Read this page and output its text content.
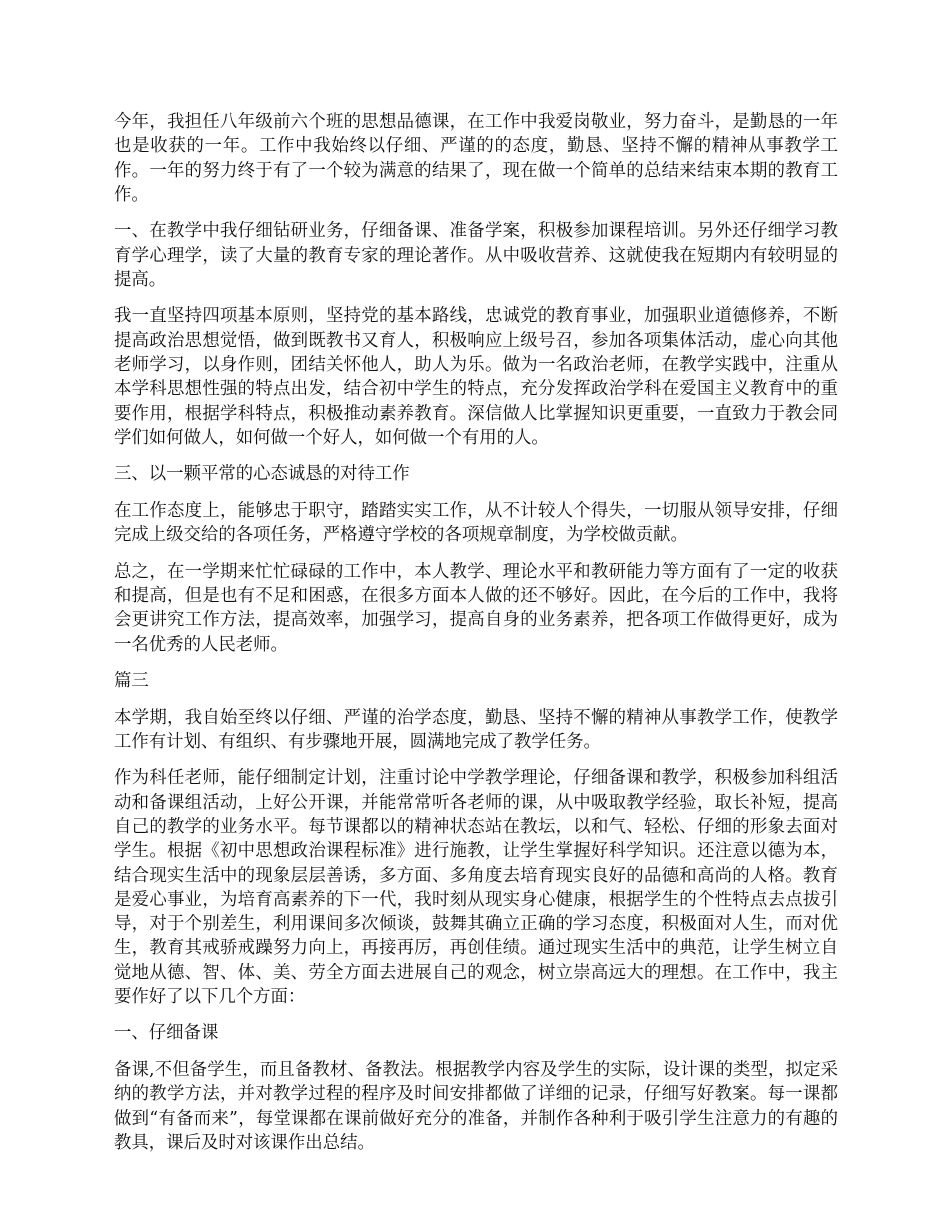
今年，我担任八年级前六个班的思想品德课，在工作中我爱岗敬业，努力奋斗，是勤恳的一年也是收获的一年。工作中我始终以仔细、严谨的的态度，勤恳、坚持不懈的精神从事教学工作。一年的努力终于有了一个较为满意的结果了，现在做一个简单的总结来结束本期的教育工作。

一、在教学中我仔细钻研业务，仔细备课、准备学案，积极参加课程培训。另外还仔细学习教育学心理学，读了大量的教育专家的理论著作。从中吸收营养、这就使我在短期内有较明显的提高。

我一直坚持四项基本原则，坚持党的基本路线，忠诚党的教育事业，加强职业道德修养，不断提高政治思想觉悟，做到既教书又育人，积极响应上级号召，参加各项集体活动，虚心向其他老师学习，以身作则，团结关怀他人，助人为乐。做为一名政治老师，在教学实践中，注重从本学科思想性强的特点出发，结合初中学生的特点，充分发挥政治学科在爱国主义教育中的重要作用，根据学科特点，积极推动素养教育。深信做人比掌握知识更重要，一直致力于教会同学们如何做人，如何做一个好人，如何做一个有用的人。

三、以一颗平常的心态诚恳的对待工作

在工作态度上，能够忠于职守，踏踏实实工作，从不计较人个得失，一切服从领导安排，仔细完成上级交给的各项任务，严格遵守学校的各项规章制度，为学校做贡献。

总之，在一学期来忙忙碌碌的工作中，本人教学、理论水平和教研能力等方面有了一定的收获和提高，但是也有不足和困惑，在很多方面本人做的还不够好。因此，在今后的工作中，我将会更讲究工作方法，提高效率，加强学习，提高自身的业务素养，把各项工作做得更好，成为一名优秀的人民老师。

篇三

本学期，我自始至终以仔细、严谨的治学态度，勤恳、坚持不懈的精神从事教学工作，使教学工作有计划、有组织、有步骤地开展，圆满地完成了教学任务。

作为科任老师，能仔细制定计划，注重讨论中学教学理论，仔细备课和教学，积极参加科组活动和备课组活动，上好公开课，并能常常听各老师的课，从中吸取教学经验，取长补短，提高自己的教学的业务水平。每节课都以的精神状态站在教坛，以和气、轻松、仔细的形象去面对学生。根据《初中思想政治课程标准》进行施教，让学生掌握好科学知识。还注意以德为本，结合现实生活中的现象层层善诱，多方面、多角度去培育现实良好的品德和高尚的人格。教育是爱心事业，为培育高素养的下一代，我时刻从现实身心健康，根据学生的个性特点去点拔引导，对于个别差生，利用课间多次倾谈，鼓舞其确立正确的学习态度，积极面对人生，而对优生，教育其戒骄戒躁努力向上，再接再厉，再创佳绩。通过现实生活中的典范，让学生树立自觉地从德、智、体、美、劳全方面去进展自己的观念，树立崇高远大的理想。在工作中，我主要作好了以下几个方面：

一、仔细备课

备课,不但备学生，而且备教材、备教法。根据教学内容及学生的实际，设计课的类型，拟定采纳的教学方法，并对教学过程的程序及时间安排都做了详细的记录，仔细写好教案。每一课都做到“有备而来”，每堂课都在课前做好充分的准备，并制作各种利于吸引学生注意力的有趣的教具，课后及时对该课作出总结。
